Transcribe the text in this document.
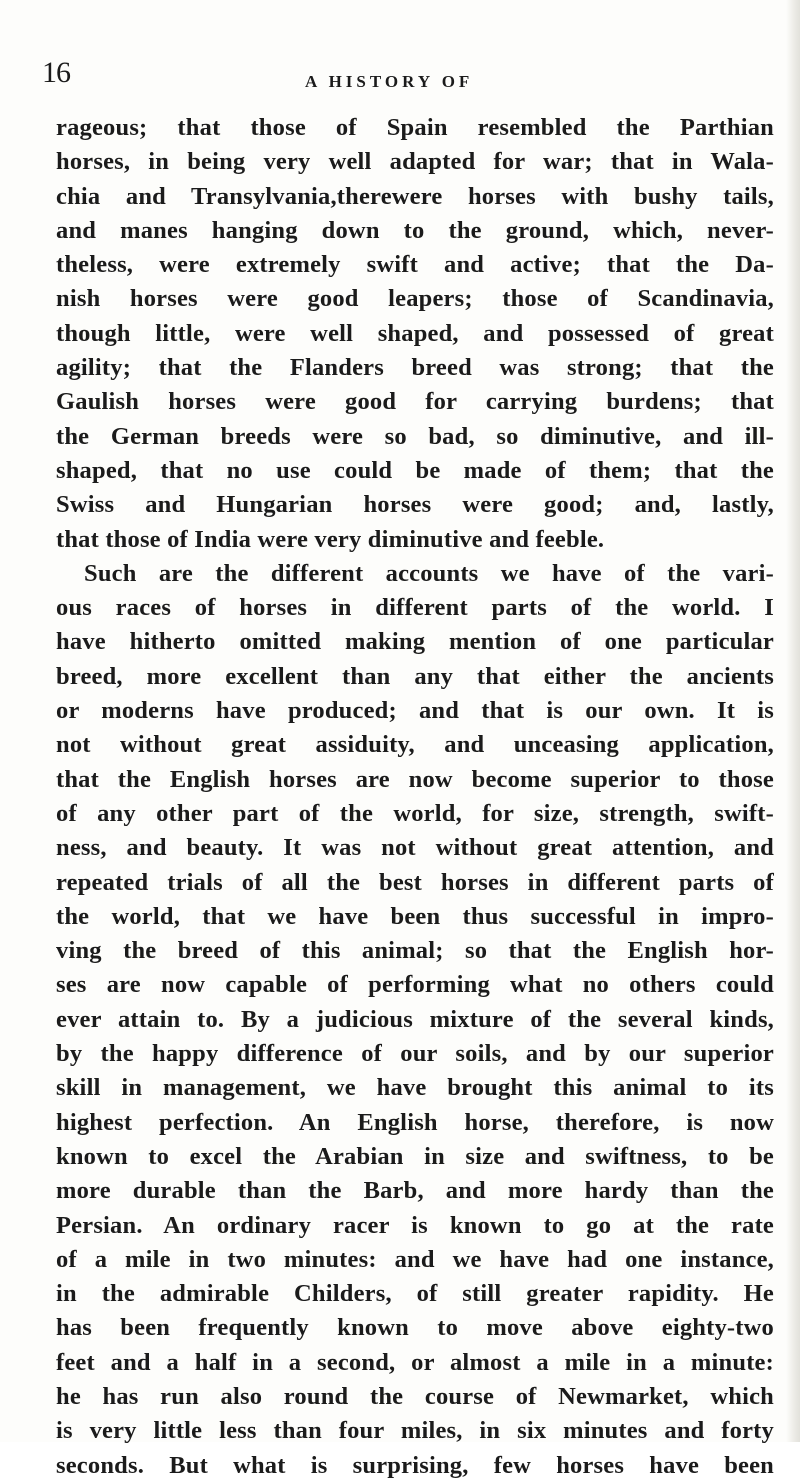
16	A HISTORY OF
rageous; that those of Spain resembled the Parthian
horses, in being very well adapted for war; that in Wala-
chia and Transylvania,therewere horses with bushy tails,
and manes hanging down to the ground, which, never-
theless, were extremely swift and active; that the Da-
nish horses were good leapers; those of Scandinavia,
though little, were well shaped, and possessed of great
agility; that the Flanders breed was strong; that the
Gaulish horses were good for carrying burdens; that
the German breeds were so bad, so diminutive, and ill-
shaped, that no use could be made of them; that the
Swiss and Hungarian horses were good; and, lastly,
that those of India were very diminutive and feeble.
Such are the different accounts we have of the vari-
ous races of horses in different parts of the world. I
have hitherto omitted making mention of one particular
breed, more excellent than any that either the ancients
or moderns have produced; and that is our own. It is
not without great assiduity, and unceasing application,
that the English horses are now become superior to those
of any other part of the world, for size, strength, swift-
ness, and beauty. It was not without great attention, and
repeated trials of all the best horses in different parts of
the world, that we have been thus successful in impro-
ving the breed of this animal; so that the English hor-
ses are now capable of performing what no others could
ever attain to. By a judicious mixture of the several kinds,
by the happy difference of our soils, and by our superior
skill in management, we have brought this animal to its
highest perfection. An English horse, therefore, is now
known to excel the Arabian in size and swiftness, to be
more durable than the Barb, and more hardy than the
Persian. An ordinary racer is known to go at the rate
of a mile in two minutes: and we have had one instance,
in the admirable Childers, of still greater rapidity. He
has been frequently known to move above eighty-two
feet and a half in a second, or almost a mile in a minute:
he has run also round the course of Newmarket, which
is very little less than four miles, in six minutes and forty
seconds. But what is surprising, few horses have been
